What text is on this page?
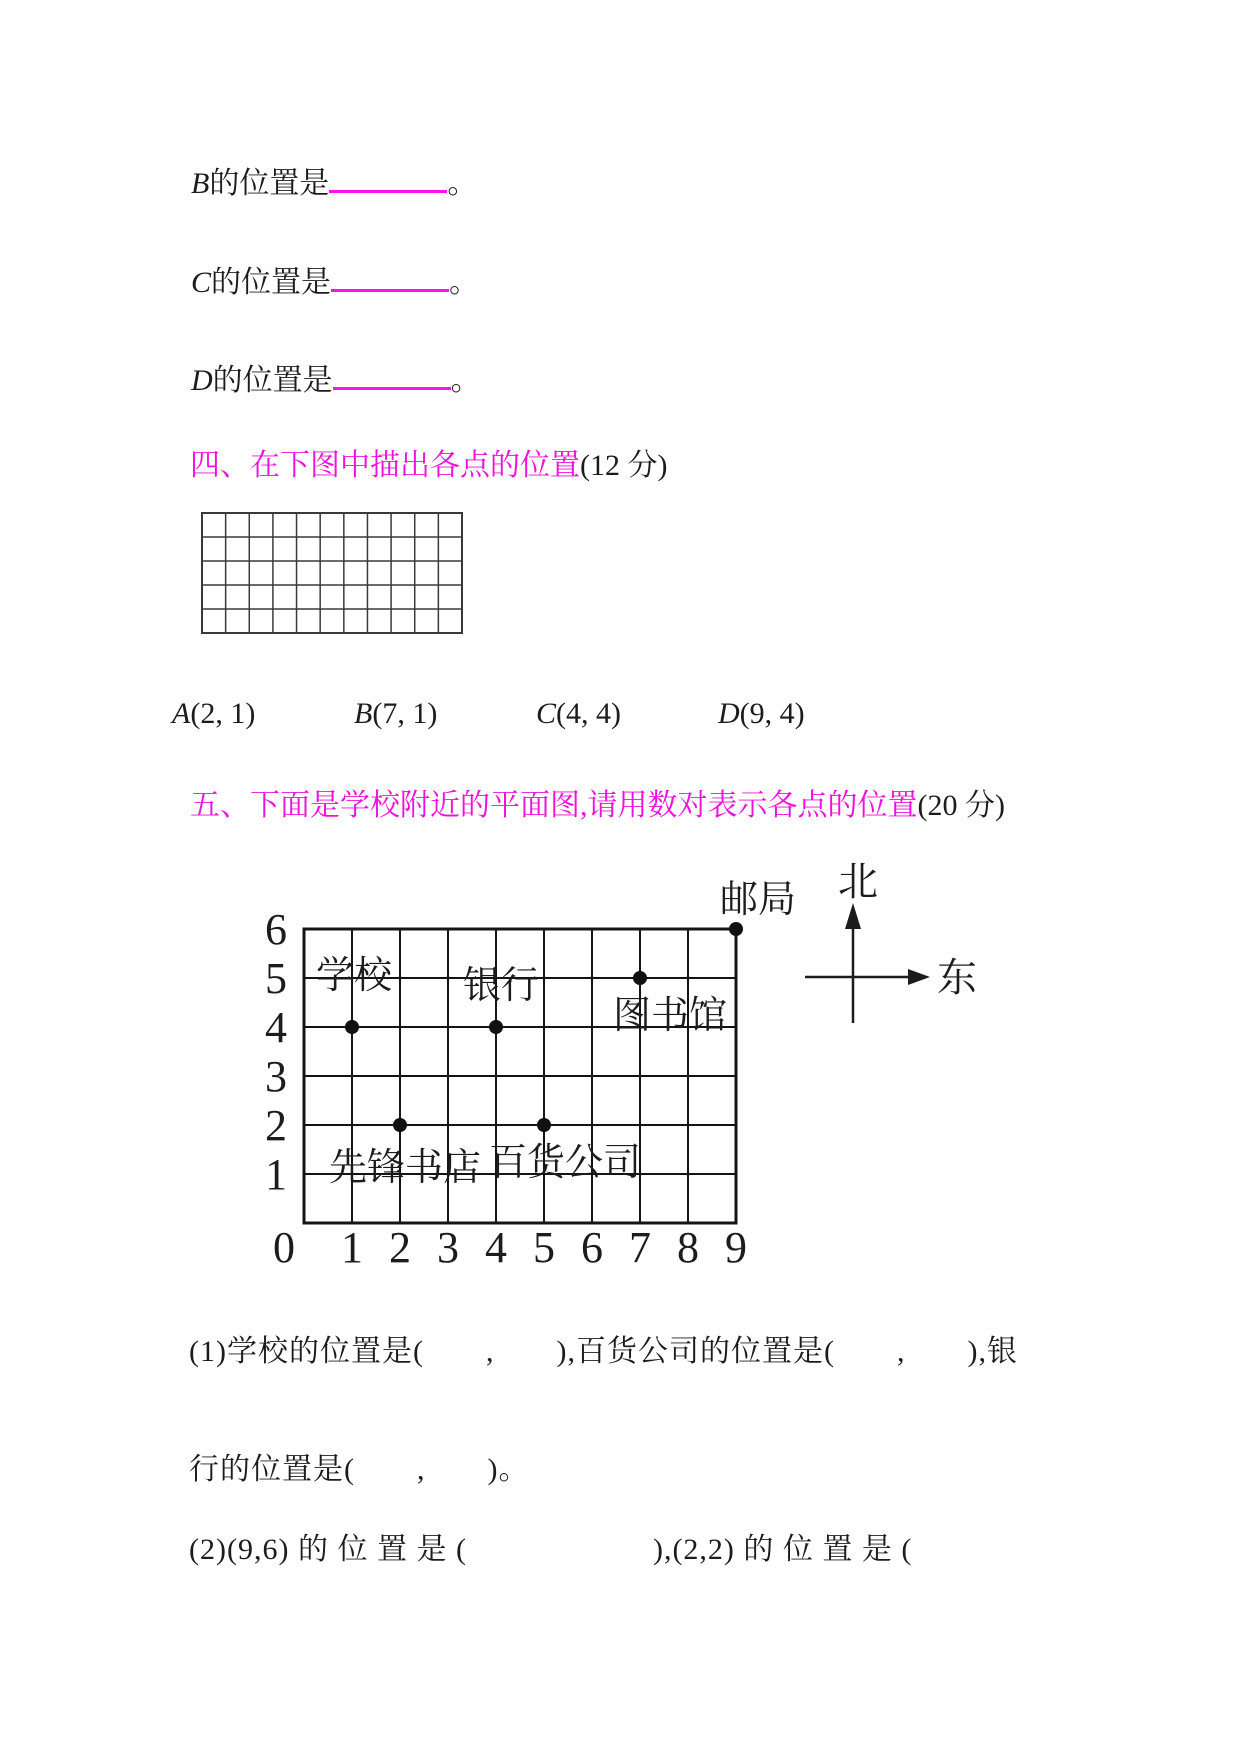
B的位置是	。
C的位置是	。
D的位置是	。
四、在下图中描出各点的位置(12 分)
A(2, 1)	B(7, 1)	C(4, 4)	D(9, 4)
五、下面是学校附近的平面图,请用数对表示各点的位置(20 分)
6
5
4
3
2
1
0 1 2 3 4 5 6 7 8 9
邮局
学校 银行
图书馆
先锋书店 百货公司
北
东
(1)学校的位置是(　　,　　),百货公司的位置是(　　,　　),银
行的位置是(　　,　　)。
(2)(9,6) 的 位 置 是 (　　　　　　),(2,2) 的 位 置 是 (
